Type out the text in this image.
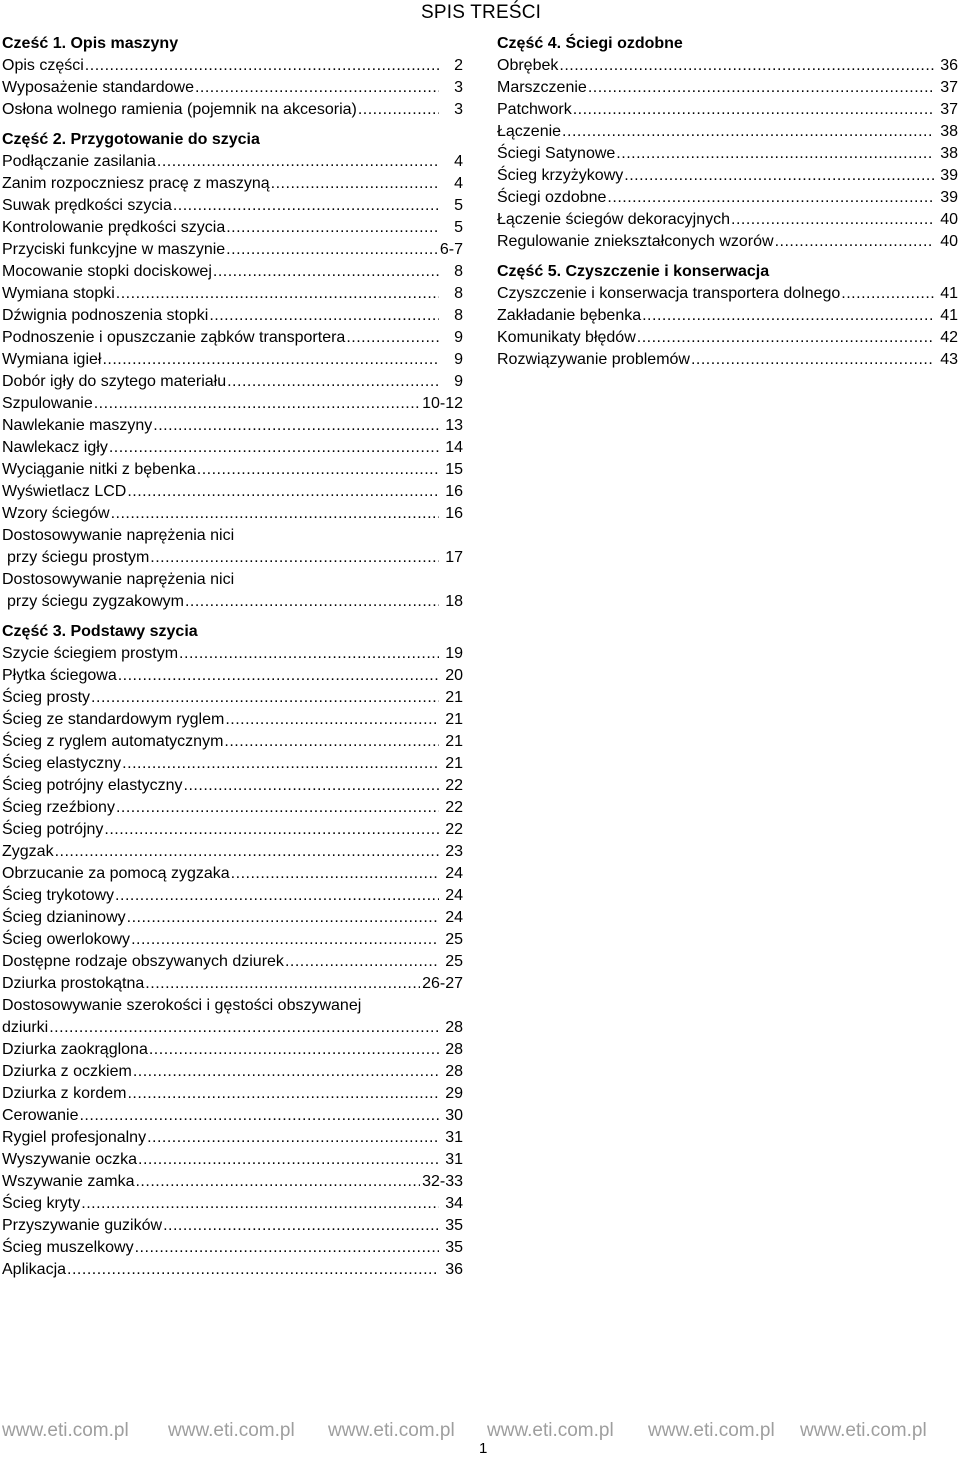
SPIS TREŚCI
Cześć 1. Opis maszyny
Opis części .....	2
Wyposażenie standardowe .....	3
Osłona wolnego ramienia (pojemnik na akcesoria) .....	3
Część 2. Przygotowanie do szycia
Podłączanie zasilania .....	4
Zanim rozpoczniesz pracę z maszyną .....	4
Suwak prędkości szycia .....	5
Kontrolowanie prędkości szycia .....	5
Przyciski funkcyjne w maszynie .....	6-7
Mocowanie stopki dociskowej .....	8
Wymiana stopki .....	8
Dźwignia podnoszenia stopki .....	8
Podnoszenie i opuszczanie ząbków transportera .....	9
Wymiana igieł .....	9
Dobór igły do szytego materiału .....	9
Szpulowanie .....	10-12
Nawlekanie maszyny .....	13
Nawlekacz igły .....	14
Wyciąganie nitki z bębenka .....	15
Wyświetlacz LCD .....	16
Wzory ściegów .....	16
Dostosowywanie naprężenia nici
przy ściegu prostym .....	17
Dostosowywanie naprężenia nici
przy ściegu zygzakowym .....	18
Część 3. Podstawy szycia
Szycie ściegiem prostym .....	19
Płytka ściegowa .....	20
Ścieg prosty .....	21
Ścieg ze standardowym ryglem .....	21
Ścieg z ryglem automatycznym .....	21
Ścieg elastyczny .....	21
Ścieg potrójny elastyczny .....	22
Ścieg rzeźbiony .....	22
Ścieg potrójny .....	22
Zygzak .....	23
Obrzucanie za pomocą zygzaka .....	24
Ścieg trykotowy .....	24
Ścieg dzianinowy .....	24
Ścieg owerlokowy .....	25
Dostępne rodzaje obszywanych dziurek .....	25
Dziurka prostokątna .....	26-27
Dostosowywanie szerokości i gęstości obszywanej
dziurki .....	28
Dziurka zaokrąglona .....	28
Dziurka z oczkiem .....	28
Dziurka z kordem .....	29
Cerowanie .....	30
Rygiel profesjonalny .....	31
Wyszywanie oczka .....	31
Wszywanie zamka .....	32-33
Ścieg kryty .....	34
Przyszywanie guzików .....	35
Ścieg muszelkowy .....	35
Aplikacja .....	36
Część 4. Ściegi ozdobne
Obrębek .....	36
Marszczenie .....	37
Patchwork .....	37
Łączenie .....	38
Ściegi Satynowe .....	38
Ścieg krzyżykowy .....	39
Ściegi ozdobne .....	39
Łączenie ściegów dekoracyjnych .....	40
Regulowanie zniekształconych wzorów .....	40
Część 5. Czyszczenie i konserwacja
Czyszczenie i konserwacja transportera dolnego .....	41
Zakładanie bębenka .....	41
Komunikaty błędów .....	42
Rozwiązywanie problemów .....	43
www.eti.com.pl www.eti.com.pl www.eti.com.pl www.eti.com.pl www.eti.com.pl www.eti.com.pl
1
